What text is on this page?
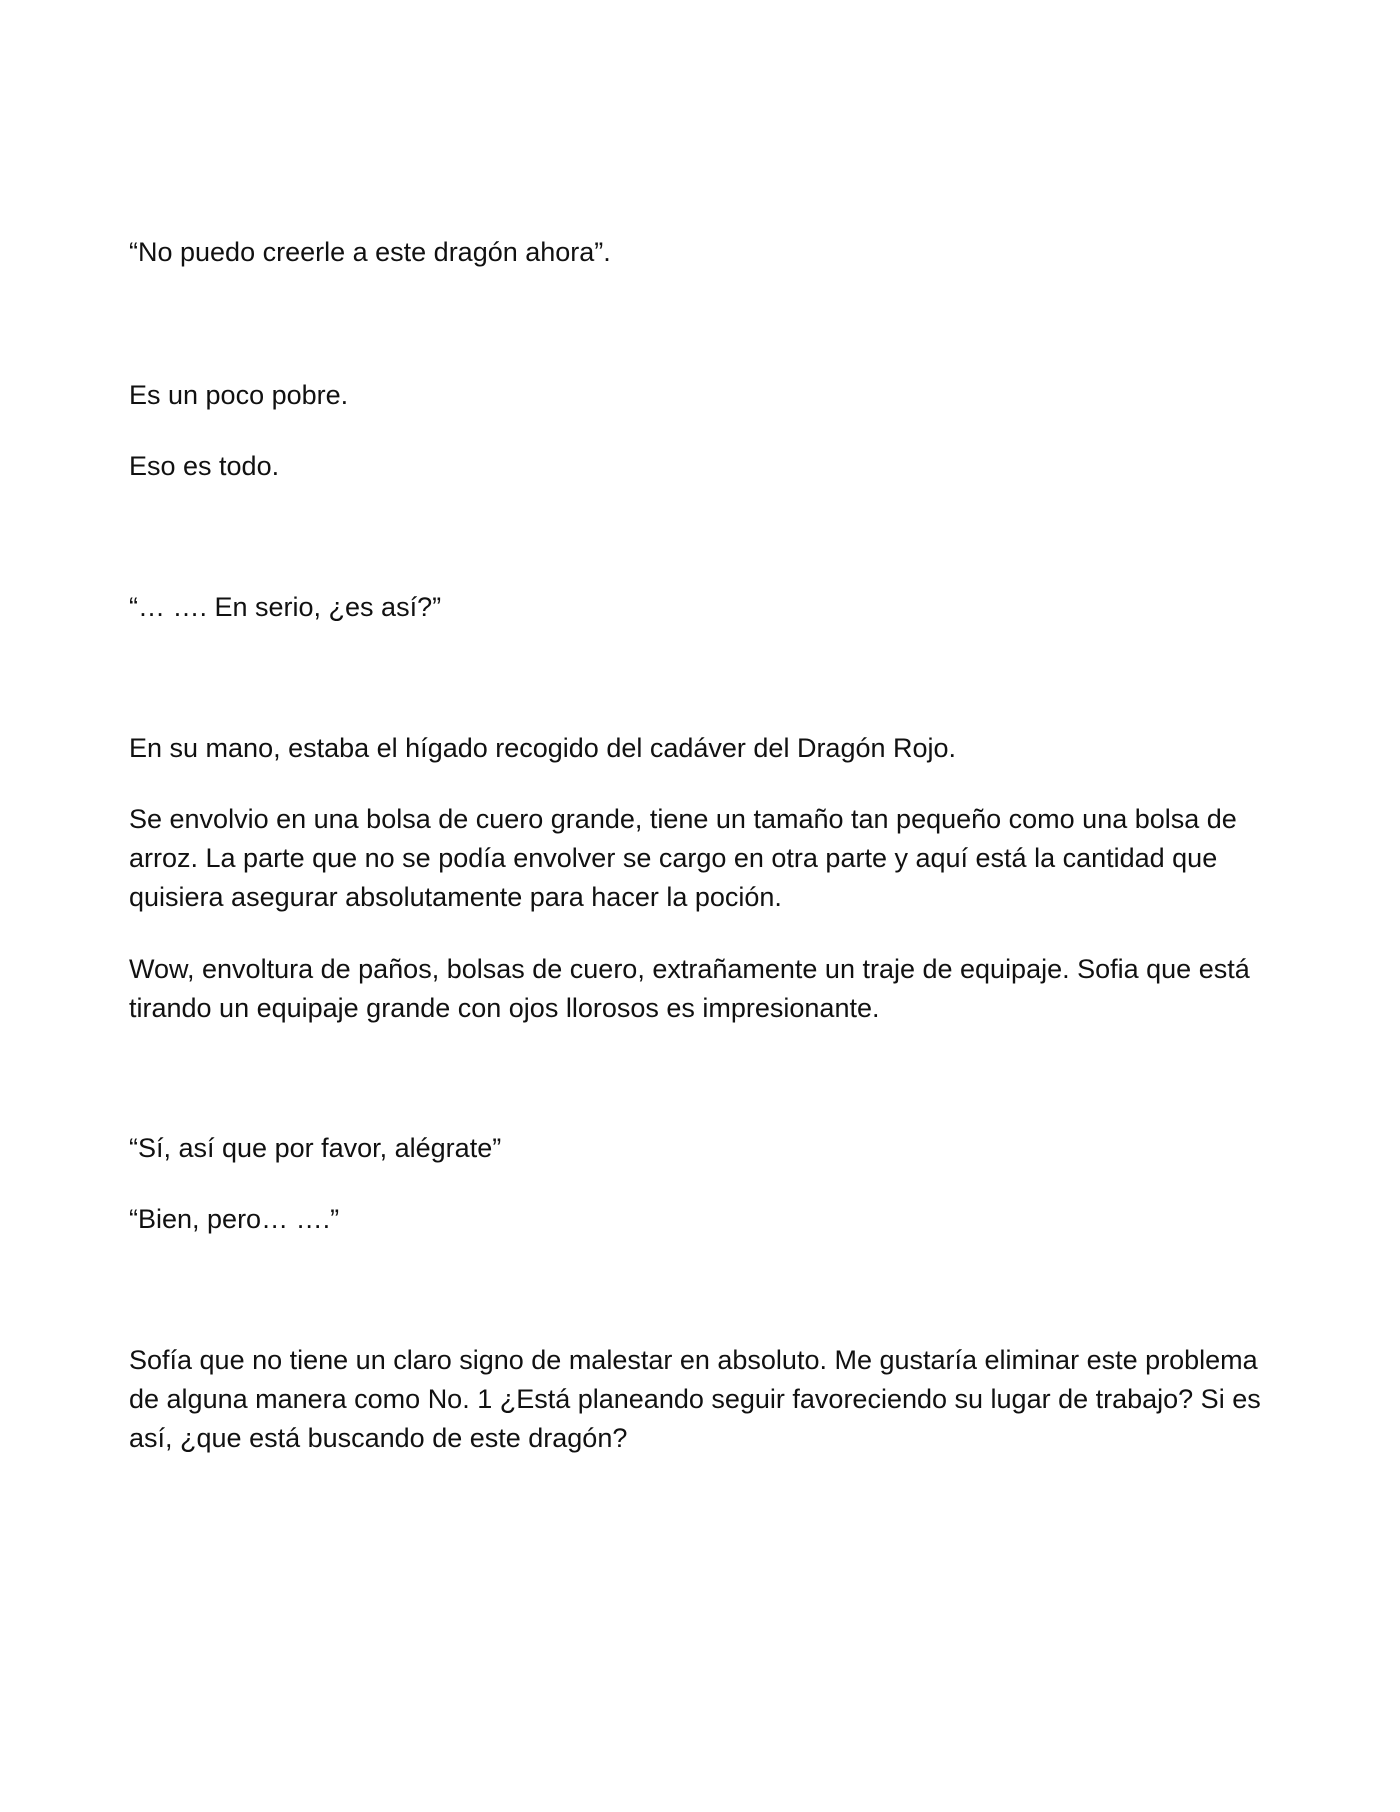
“No puedo creerle a este dragón ahora”.

Es un poco pobre.

Eso es todo.

“… …. En serio, ¿es así?”

En su mano, estaba el hígado recogido del cadáver del Dragón Rojo.

Se envolvio en una bolsa de cuero grande, tiene un tamaño tan pequeño como una bolsa de arroz. La parte que no se podía envolver se cargo en otra parte y aquí está la cantidad que quisiera asegurar absolutamente para hacer la poción.

Wow, envoltura de paños, bolsas de cuero, extrañamente un traje de equipaje. Sofia que está tirando un equipaje grande con ojos llorosos es impresionante.

“Sí, así que por favor, alégrate”

“Bien, pero… ….”

Sofía que no tiene un claro signo de malestar en absoluto. Me gustaría eliminar este problema de alguna manera como No. 1 ¿Está planeando seguir favoreciendo su lugar de trabajo? Si es así, ¿que está buscando de este dragón?
